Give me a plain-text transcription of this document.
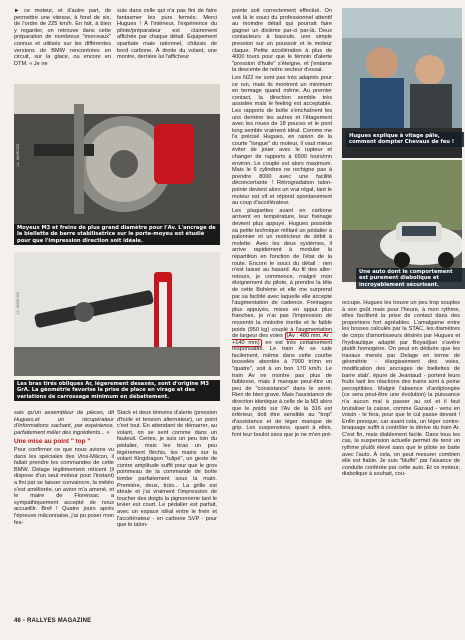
► ce moteur, et d'autre part, de permettre une vitesse, à fond de six, de l'ordre de 225 km/h. En fait, à bien y regarder, on retrouve dans cette préparation de nombreux "morceaux" connus et utilisés sur les différentes versions de BMW rencontrées en circuit, sur la glace, ou encore en DTM. « Je ne

suis dans celle qui n'a pas fini de faire fantasmer les purs fermés. Merci Hugues ! À l'intérieur, l'expérience du pilote/préparateur est clairement affichée par chaque détail. Équipement spartiate mais rationnel, châssis de bord carbone. À droite du volant, une montre, derrière lui l'afficheur

pointe soit correctement effectué. On voit là le souci du professionnel attentif au moindre détail qui pourrait faire gagner un dixième par-ci par-là. Deux contacteurs à bascule, une simple pression sur un poussoir et le moteur claque. Petite accélération à plus de 4000 tours pour que le témoin d'alerte "pression d'huile" s'éteigne, et j'entame la descente de notre secteur d'essai.

Les N22 ne sont pas très adaptés pour ce run, mais ils montrent un minimum en termage quand même. Au premier contact, la direction semble très assistée mais le feeling est acceptable. Les rapports de boîte s'enchaînent les uns derrière les autres et l'étagement avec les roues de 18 pouces et le pont long semble vraiment idéal. Comme me l'a précisé Hugues, en raison de la courte "longue" du moteur, il vaut mieux éviter de jouer avec le rupteur et changer de rapports à 6500 tours/mn environ. Le couple est alors maximum. Mais le 6 cylindres ne rechigne pas à prendre 8000 avec une facilité déconcertante ! Rétrogradation talon-pointe devient alors un vrai régal, tant le moteur est vif et répond spontanément au coup d'accélérateur.

Les plaquettes avant en carbone arrivent en température, leur freinage devient plus appuyé. Hugues possède sa petite technique mêlant un pédalier à palonnier et un restricteur de débit à molette. Avec les deux systèmes, il arrive rapidement à moduler la répartition en fonction de l'état de la route. Encore le souci du détail : rien n'est laissé au hasard. Au fil des aller-retours, je commence, malgré mon éloignement du pilote, à prendre la tête de cette Bohème et elle me surprend par sa facilité avec laquelle elle accepte l'augmentation de cadence. Freinages plus appuyés, mises en appui plus franches, je n'ai pas l'impression de ressentir la moindre inertie et le faible poids (950 kg) couplé à l'augmentation de largeur des voies (Av : 480 mm, Ar : +140 mm) en est très certainement responsable. Le train Ar se cale facilement, même dans cette courbe bosselée abordée à 7900 tr/mn en "quatre", soit à un bon 170 km/h. Le train Av ne montre pas plus de faiblesse, mais il manque peut-être un peu de "consistance" dans le serré. Rien de bien grave. Mais l'assistance de direction identique à celle de la M3 alors que le poids sur l'Av de la 316 est inférieur, doit être sensible au "trop" d'assistance et de léger manque de grip. Les suspensions, quant à elles, font leur boulot sans que je ne m'en pré-

J-L. MARCOS
Moyeux M3 et freins de plus grand diamètre pour l'Av. L'ancrage de la biellette de barre stabilisatrice sur le porte-moyeu est étudié pour que l'impression direction soit idéale.
J-L. MARCOS
Les bras tirés obliques Ar, légerement desaxés, sont d'origine M3 GrA. La géométrie favorise la prise de place en virage et des variations de carrossage minimum en débattement.

sais qu'un assembleur de pièces, dit Hugues,et un récupérateur d'informations sachant, par expérience, parfaitement mêler des ingrédients... »

Une mise au point " top "

Pour confirmer ce que nous avions vu dans les spéciales des Vins-Mâcon, il fallait prendre les commandes de cette BMW. Delage légitimement réticent (il dispose d'un seul moteur pour l'instant) a fini par se laisser convaincre, la météo s'est améliorée, un avion m'a amené, et le maire de Florensac a sympathiquement accepté de nous accueillir. Bref ! Quatre jours après l'épreuve mâconnaise, j'ai pu poser mon fes-

Stack et deux témoins d'alerte (pression d'huile et tension alternateur), un point c'est tout. En attendant de démarrer, au volant, on se sent comme dans un fauteuil. Certes, je suis un peu loin du pédalier, mais les bras un peu légèrement fléchis, les mains sur la volant Kingdragon "tulipé", un geste de contre amplitude suffit pour que le gros pommeau de la commande de boîte tombe parfaitement sous la main. Première, deux, trois... La grille est idéale et j'ai vraiment l'impression de toucher des doigts la pignonnerie tant le levier est court. Le pédalier est parfait, avec un espace idéal entre le frein et l'accélérateur - en carbone SVP - pour que le talon-

Hugues explique à vitage pâle, comment dompter Chevaux de feu !
Une auto dont le comportement est purement diabolique et incroyablement sécurisant.

occupe. Hugues les trouve un peu trop souples à son goût mais pour l'heure, à mon rythme, elles facilitent la prise de contact dans des proportions fort agréables. L'amalgame entre les bosses calculés par la STAC, les diamètres de corps d'amortisseurs désirés par Hugues et l'hydraulique adapté par Boyadjian s'avère plutôt homogène. On peut en déduire que les travaux menés par Delage en terme de géométrie - élargissement des voies, modification des ancrages de biellettes de barre stab', épure de Jeantaud - portent leurs fruits tant les réactions des trains sont à peine perceptibles. Malgré l'absence d'antiplongée (ce sera peut-être une évolution) la puissance n'a aucun mal à passer au sol et il faut brutaliser la caisse, comme Gazaud - venu en voisin - le fera, pour que le cul passe devant ! Enfin presque, car avant cela, un léger contre-braquage suffit à contrôler la dérive du train Ar. C'est fin, mais diablement facile. Dans tous les cas, la suspension actuelle permet de tenir un rythme plutôt élevé sans que le pilote se batte avec l'auto. À cela, on peut mesurer combien elle est fiable. Je suis "bluffé" par l'aisance de conduite conférée par cette auto. Et ce moteur, diabolique à souhait, cou-

46 - RALLYES MAGAZINE
